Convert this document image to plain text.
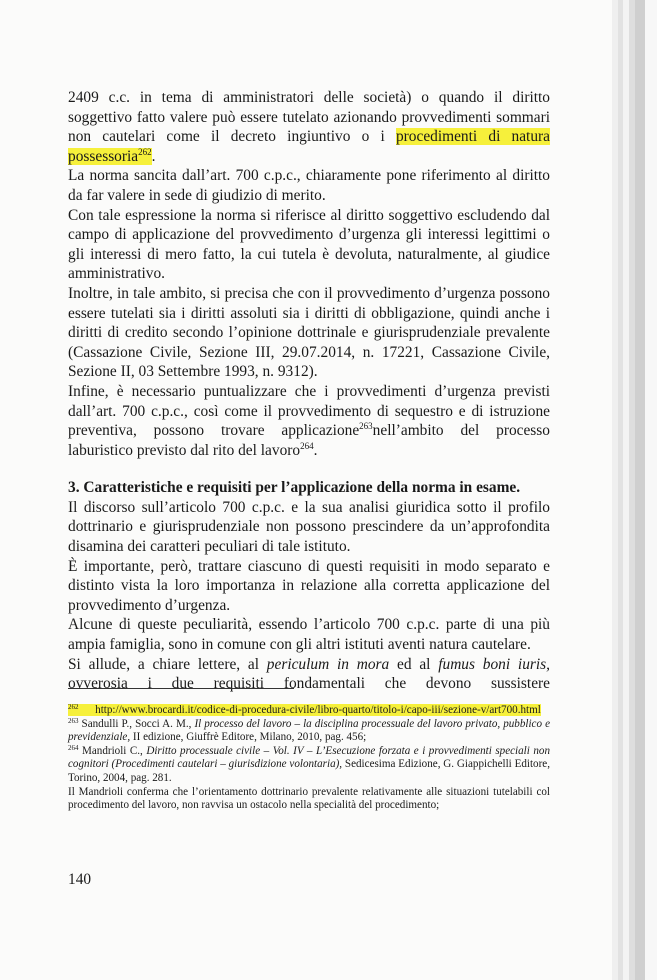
2409 c.c. in tema di amministratori delle società) o quando il diritto soggettivo fatto valere può essere tutelato azionando provvedimenti sommari non cautelari come il decreto ingiuntivo o i procedimenti di natura possessoria$^{262}$.

La norma sancita dall’art. 700 c.p.c., chiaramente pone riferimento al diritto da far valere in sede di giudizio di merito.

Con tale espressione la norma si riferisce al diritto soggettivo escludendo dal campo di applicazione del provvedimento d’urgenza gli interessi legittimi o gli interessi di mero fatto, la cui tutela è devoluta, naturalmente, al giudice amministrativo.

Inoltre, in tale ambito, si precisa che con il provvedimento d’urgenza possono essere tutelati sia i diritti assoluti sia i diritti di obbligazione, quindi anche i diritti di credito secondo l’opinione dottrinale e giurisprudenziale prevalente (Cassazione Civile, Sezione III, 29.07.2014, n. 17221, Cassazione Civile, Sezione II, 03 Settembre 1993, n. 9312).

Infine, è necessario puntualizzare che i provvedimenti d’urgenza previsti dall’art. 700 c.p.c., così come il provvedimento di sequestro e di istruzione preventiva, possono trovare applicazione$^{263}$nell’ambito del processo laburistico previsto dal rito del lavoro$^{264}$.

3. Caratteristiche e requisiti per l’applicazione della norma in esame.

Il discorso sull’articolo 700 c.p.c. e la sua analisi giuridica sotto il profilo dottrinario e giurisprudenziale non possono prescindere da un’approfondita disamina dei caratteri peculiari di tale istituto.

È importante, però, trattare ciascuno di questi requisiti in modo separato e distinto vista la loro importanza in relazione alla corretta applicazione del provvedimento d’urgenza.

Alcune di queste peculiarità, essendo l’articolo 700 c.p.c. parte di una più ampia famiglia, sono in comune con gli altri istituti aventi natura cautelare.

Si allude, a chiare lettere, al periculum in mora ed al fumus boni iuris, ovverosia i due requisiti fondamentali che devono sussistere

$^{262}$ http://www.brocardi.it/codice-di-procedura-civile/libro-quarto/titolo-i/capo-iii/sezione-v/art700.html

$^{263}$ Sandulli P., Socci A. M., Il processo del lavoro – la disciplina processuale del lavoro privato, pubblico e previdenziale, II edizione, Giuffrè Editore, Milano, 2010, pag. 456;

$^{264}$ Mandrioli C., Diritto processuale civile – Vol. IV – L’Esecuzione forzata e i provvedimenti speciali non cognitori (Procedimenti cautelari – giurisdizione volontaria), Sedicesima Edizione, G. Giappichelli Editore, Torino, 2004, pag. 281.

Il Mandrioli conferma che l’orientamento dottrinario prevalente relativamente alle situazioni tutelabili col procedimento del lavoro, non ravvisa un ostacolo nella specialità del procedimento;

140
